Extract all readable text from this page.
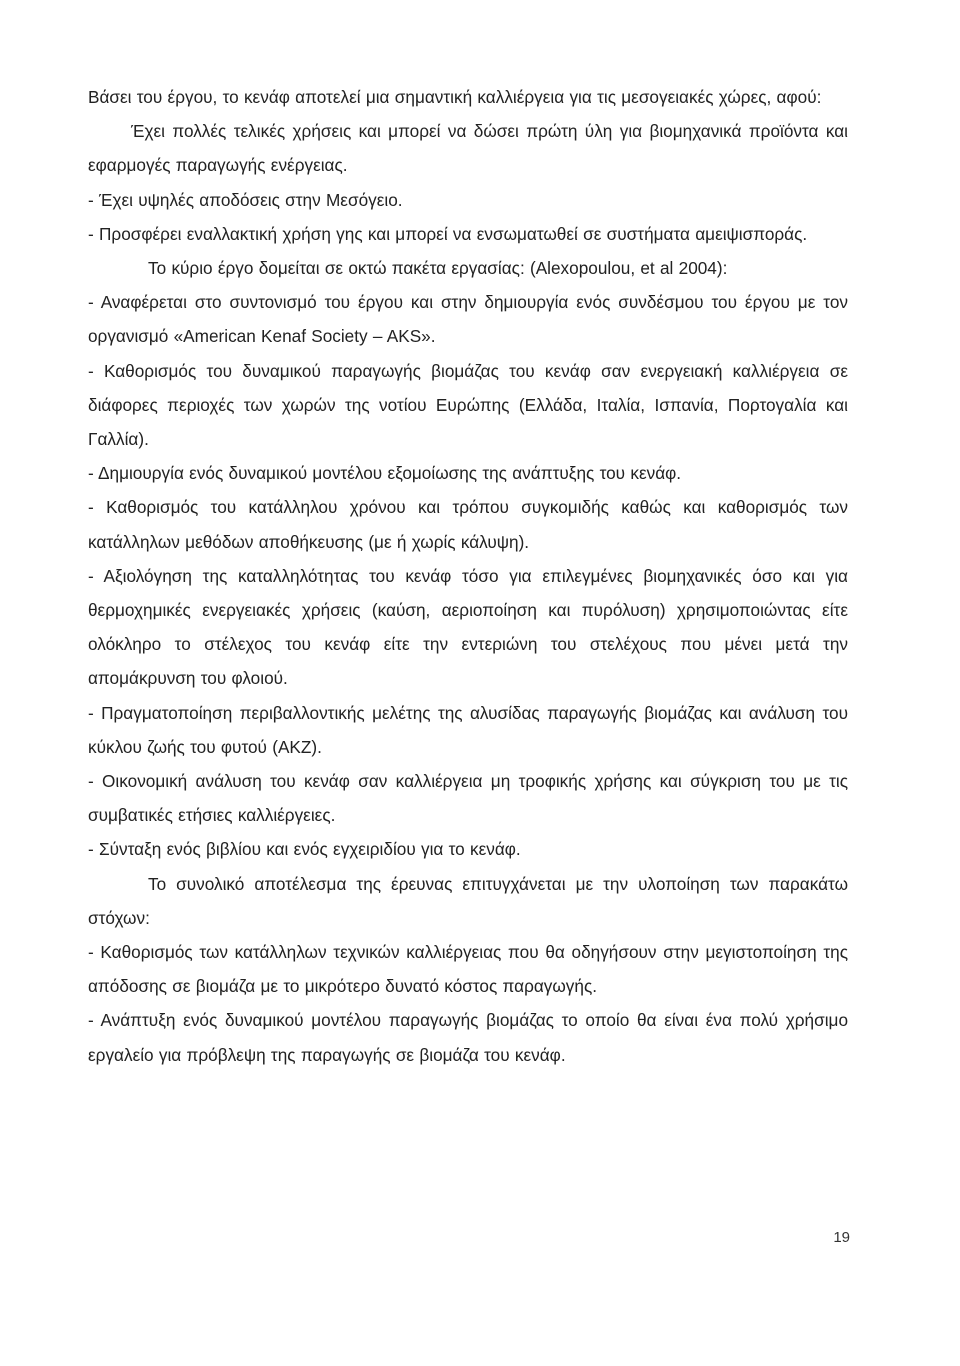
Βάσει του έργου, το κενάφ αποτελεί μια σημαντική καλλιέργεια για τις μεσογειακές χώρες, αφού:

Έχει πολλές τελικές χρήσεις και μπορεί να δώσει πρώτη ύλη για βιομηχανικά προϊόντα και εφαρμογές παραγωγής ενέργειας.

- Έχει υψηλές αποδόσεις στην Μεσόγειο.

- Προσφέρει εναλλακτική χρήση γης και μπορεί να ενσωματωθεί σε συστήματα αμειψισποράς.

Το κύριο έργο δομείται σε οκτώ πακέτα εργασίας: (Alexopoulou, et al 2004):

- Αναφέρεται στο συντονισμό του έργου και στην δημιουργία ενός συνδέσμου του έργου με τον οργανισμό «American Kenaf Society – AKS».

- Καθορισμός του δυναμικού παραγωγής βιομάζας του κενάφ σαν ενεργειακή καλλιέργεια σε διάφορες περιοχές των χωρών της νοτίου Ευρώπης (Ελλάδα, Ιταλία, Ισπανία, Πορτογαλία και Γαλλία).

- Δημιουργία ενός δυναμικού μοντέλου εξομοίωσης της ανάπτυξης του κενάφ.

- Καθορισμός του κατάλληλου χρόνου και τρόπου συγκομιδής καθώς και καθορισμός των κατάλληλων μεθόδων αποθήκευσης (με ή χωρίς κάλυψη).

- Αξιολόγηση της καταλληλότητας του κενάφ τόσο για επιλεγμένες βιομηχανικές όσο και για θερμοχημικές ενεργειακές χρήσεις (καύση, αεριοποίηση και πυρόλυση) χρησιμοποιώντας είτε ολόκληρο το στέλεχος του κενάφ είτε την εντεριώνη του στελέχους που μένει μετά την απομάκρυνση του φλοιού.

- Πραγματοποίηση περιβαλλοντικής μελέτης της αλυσίδας παραγωγής βιομάζας και ανάλυση του κύκλου ζωής του φυτού (ΑΚΖ).

- Οικονομική ανάλυση του κενάφ σαν καλλιέργεια μη τροφικής χρήσης και σύγκριση του με τις συμβατικές ετήσιες καλλιέργειες.

- Σύνταξη ενός βιβλίου και ενός εγχειριδίου για το κενάφ.

Το συνολικό αποτέλεσμα της έρευνας επιτυγχάνεται με την υλοποίηση των παρακάτω στόχων:

- Καθορισμός των κατάλληλων τεχνικών καλλιέργειας που θα οδηγήσουν στην μεγιστοποίηση της απόδοσης σε βιομάζα με το μικρότερο δυνατό κόστος παραγωγής.

- Ανάπτυξη ενός δυναμικού μοντέλου παραγωγής βιομάζας το οποίο θα είναι ένα πολύ χρήσιμο εργαλείο για πρόβλεψη της παραγωγής σε βιομάζα του κενάφ.

19
